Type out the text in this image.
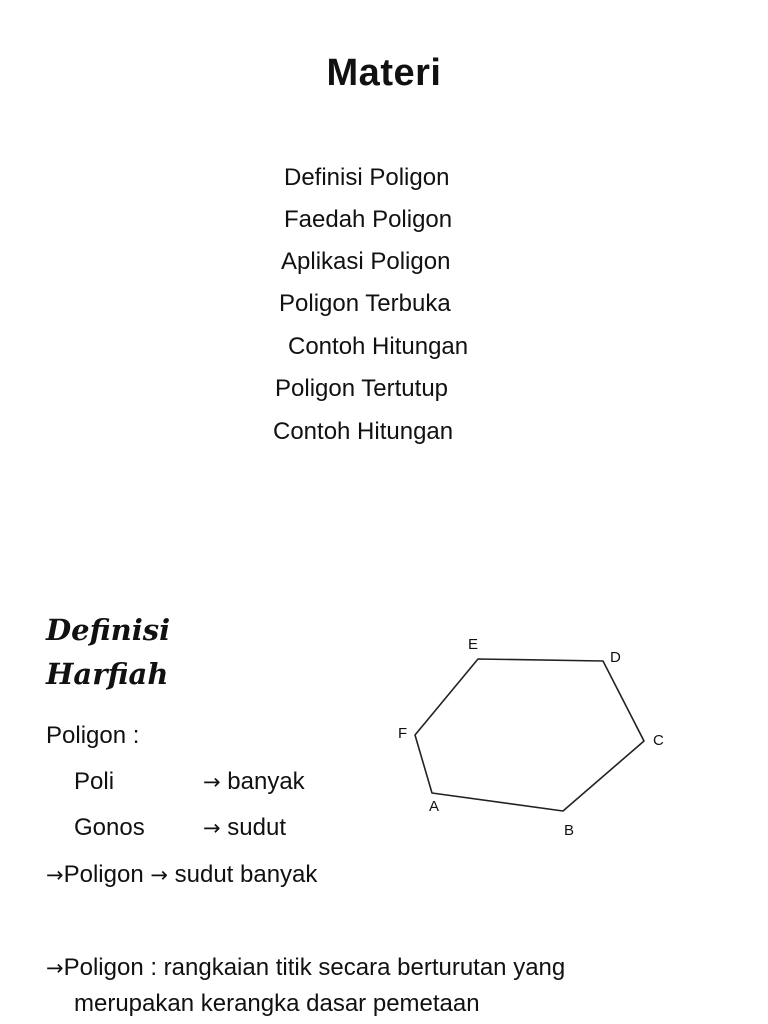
Materi
Definisi Poligon
Faedah Poligon
Aplikasi Poligon
Poligon Terbuka
Contoh Hitungan
Poligon Tertutup
Contoh Hitungan
Definisi
Harfiah
Poligon :
Poli	→ banyak
Gonos	→ sudut
→Poligon → sudut banyak
→Poligon : rangkaian titik secara berturutan yang
merupakan kerangka dasar pemetaan
A
B
C
D
E
F
